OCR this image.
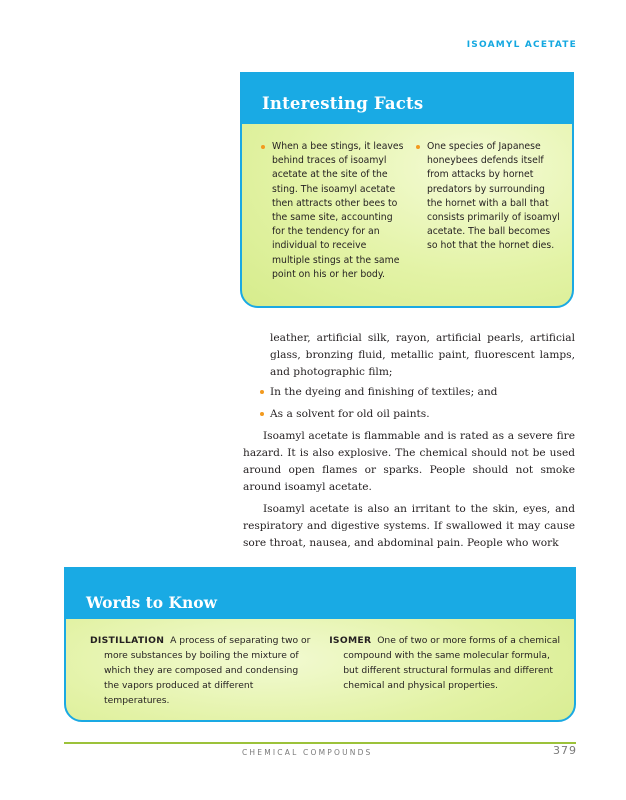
ISOAMYL ACETATE
Interesting Facts
When a bee stings, it leaves behind traces of isoamyl acetate at the site of the sting. The isoamyl acetate then attracts other bees to the same site, accounting for the tendency for an individual to receive multiple stings at the same point on his or her body.
One species of Japanese honeybees defends itself from attacks by hornet predators by surrounding the hornet with a ball that consists primarily of isoamyl acetate. The ball becomes so hot that the hornet dies.

leather, artificial silk, rayon, artificial pearls, artificial glass, bronzing fluid, metallic paint, fluorescent lamps, and photographic film;

In the dyeing and finishing of textiles; and
As a solvent for old oil paints.

Isoamyl acetate is flammable and is rated as a severe fire hazard. It is also explosive. The chemical should not be used around open flames or sparks. People should not smoke around isoamyl acetate.

Isoamyl acetate is also an irritant to the skin, eyes, and respiratory and digestive systems. If swallowed it may cause sore throat, nausea, and abdominal pain. People who work

Words to Know
DISTILLATION A process of separating two or more substances by boiling the mixture of which they are composed and condensing the vapors produced at different temperatures.
ISOMER One of two or more forms of a chemical compound with the same molecular formula, but different structural formulas and different chemical and physical properties.
CHEMICAL COMPOUNDS	379
